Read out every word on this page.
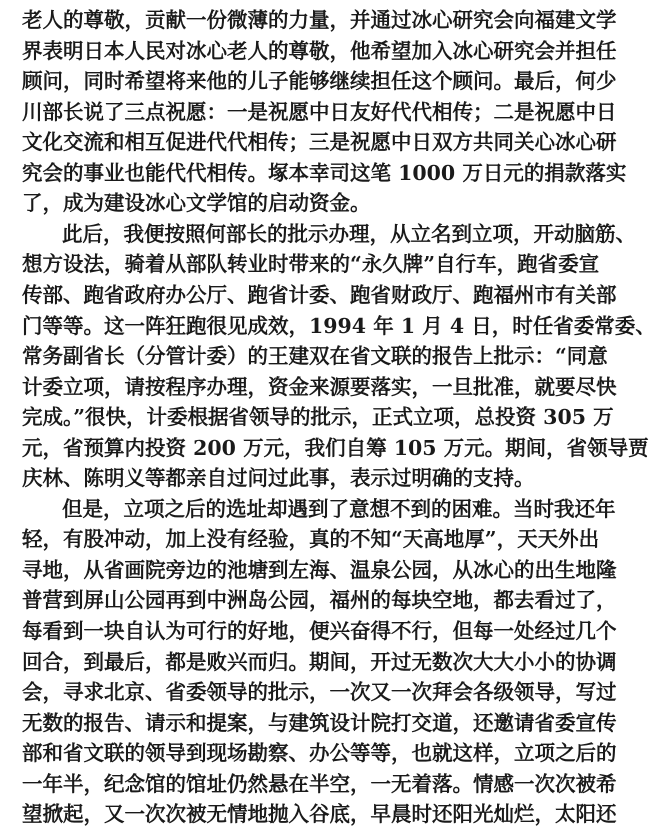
老人的尊敬，贡献一份微薄的力量，并通过冰心研究会向福建文学
界表明日本人民对冰心老人的尊敬，他希望加入冰心研究会并担任
顾问，同时希望将来他的儿子能够继续担任这个顾问。最后，何少
川部长说了三点祝愿：一是祝愿中日友好代代相传；二是祝愿中日
文化交流和相互促进代代相传；三是祝愿中日双方共同关心冰心研
究会的事业也能代代相传。塚本幸司这笔 1000 万日元的捐款落实
了，成为建设冰心文学馆的启动资金。
此后，我便按照何部长的批示办理，从立名到立项，开动脑筋、
想方设法，骑着从部队转业时带来的“永久牌”自行车，跑省委宣
传部、跑省政府办公厅、跑省计委、跑省财政厅、跑福州市有关部
门等等。这一阵狂跑很见成效，1994 年 1 月 4 日，时任省委常委、
常务副省长（分管计委）的王建双在省文联的报告上批示：“同意
计委立项，请按程序办理，资金来源要落实，一旦批准，就要尽快
完成。”很快，计委根据省领导的批示，正式立项，总投资 305 万
元，省预算内投资 200 万元，我们自筹 105 万元。期间，省领导贾
庆林、陈明义等都亲自过问过此事，表示过明确的支持。
但是，立项之后的选址却遇到了意想不到的困难。当时我还年
轻，有股冲动，加上没有经验，真的不知“天高地厚”，天天外出
寻地，从省画院旁边的池塘到左海、温泉公园，从冰心的出生地隆
普营到屏山公园再到中洲岛公园，福州的每块空地，都去看过了，
每看到一块自认为可行的好地，便兴奋得不行，但每一处经过几个
回合，到最后，都是败兴而归。期间，开过无数次大大小小的协调
会，寻求北京、省委领导的批示，一次又一次拜会各级领导，写过
无数的报告、请示和提案，与建筑设计院打交道，还邀请省委宣传
部和省文联的领导到现场勘察、办公等等，也就这样，立项之后的
一年半，纪念馆的馆址仍然悬在半空，一无着落。情感一次次被希
望掀起，又一次次被无情地抛入谷底，早晨时还阳光灿烂，太阳还
